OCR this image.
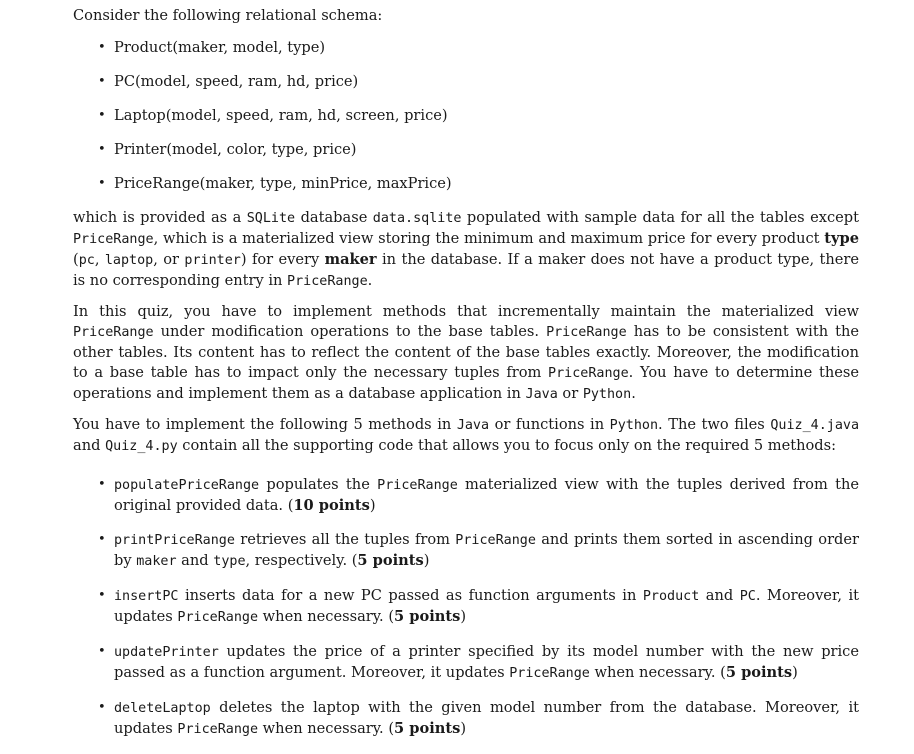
Consider the following relational schema:

• Product(maker, model, type)
• PC(model, speed, ram, hd, price)
• Laptop(model, speed, ram, hd, screen, price)
• Printer(model, color, type, price)
• PriceRange(maker, type, minPrice, maxPrice)

which is provided as a SQLite database data.sqlite populated with sample data for all the tables except PriceRange, which is a materialized view storing the minimum and maximum price for every product type (pc, laptop, or printer) for every maker in the database. If a maker does not have a product type, there is no corresponding entry in PriceRange.

In this quiz, you have to implement methods that incrementally maintain the materialized view PriceRange under modification operations to the base tables. PriceRange has to be consistent with the other tables. Its content has to reflect the content of the base tables exactly. Moreover, the modification to a base table has to impact only the necessary tuples from PriceRange. You have to determine these operations and implement them as a database application in Java or Python.

You have to implement the following 5 methods in Java or functions in Python. The two files Quiz_4.java and Quiz_4.py contain all the supporting code that allows you to focus only on the required 5 methods:

• populatePriceRange populates the PriceRange materialized view with the tuples derived from the original provided data. (10 points)
• printPriceRange retrieves all the tuples from PriceRange and prints them sorted in ascending order by maker and type, respectively. (5 points)
• insertPC inserts data for a new PC passed as function arguments in Product and PC. Moreover, it updates PriceRange when necessary. (5 points)
• updatePrinter updates the price of a printer specified by its model number with the new price passed as a function argument. Moreover, it updates PriceRange when necessary. (5 points)
• deleteLaptop deletes the laptop with the given model number from the database. Moreover, it updates PriceRange when necessary. (5 points)
